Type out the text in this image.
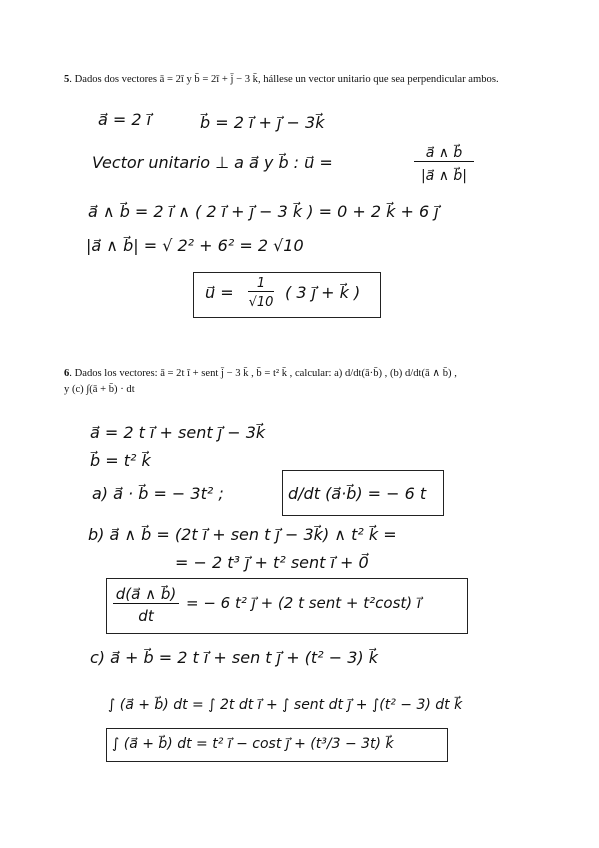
5. Dados dos vectores ā = 2ī y b̄ = 2ī + j̄ − 3 k̄, hállese un vector unitario que sea perpendicular ambos.
a⃗ = 2 i⃗	b⃗ = 2 i⃗ + j⃗ − 3k⃗
Vector unitario ⊥ a a⃗ y b⃗ : u⃗ =	a⃗ ∧ b⃗
|a⃗ ∧ b⃗|
a⃗ ∧ b⃗ = 2 i⃗ ∧ ( 2 i⃗ + j⃗ − 3 k⃗ ) = 0 + 2 k⃗ + 6 j⃗
|a⃗ ∧ b⃗| = √ 2² + 6² = 2 √10
u⃗ =	1
√10
( 3 j⃗ + k⃗ )
6. Dados los vectores: ā = 2t ī + sent j̄ − 3 k̄ , b̄ = t² k̄ , calcular: a) d/dt(ā·b̄) , (b) d/dt(ā ∧ b̄) ,
y (c) ∫(ā + b̄) · dt
a⃗ = 2 t i⃗ + sent j⃗ − 3k⃗
b⃗ = t² k⃗
a) a⃗ · b⃗ = − 3t² ;	d/dt (a⃗·b⃗) = − 6 t
b) a⃗ ∧ b⃗ = (2t i⃗ + sen t j⃗ − 3k⃗) ∧ t² k⃗ =
= − 2 t³ j⃗ + t² sent i⃗ + 0⃗
d(a⃗ ∧ b⃗)
dt
= − 6 t² j⃗ + (2 t sent + t²cost) i⃗
c) a⃗ + b⃗ = 2 t i⃗ + sen t j⃗ + (t² − 3) k⃗
∫ (a⃗ + b⃗) dt = ∫ 2t dt i⃗ + ∫ sent dt j⃗ + ∫(t² − 3) dt k⃗
∫ (a⃗ + b⃗) dt = t² i⃗ − cost j⃗ + (t³/3 − 3t) k⃗
